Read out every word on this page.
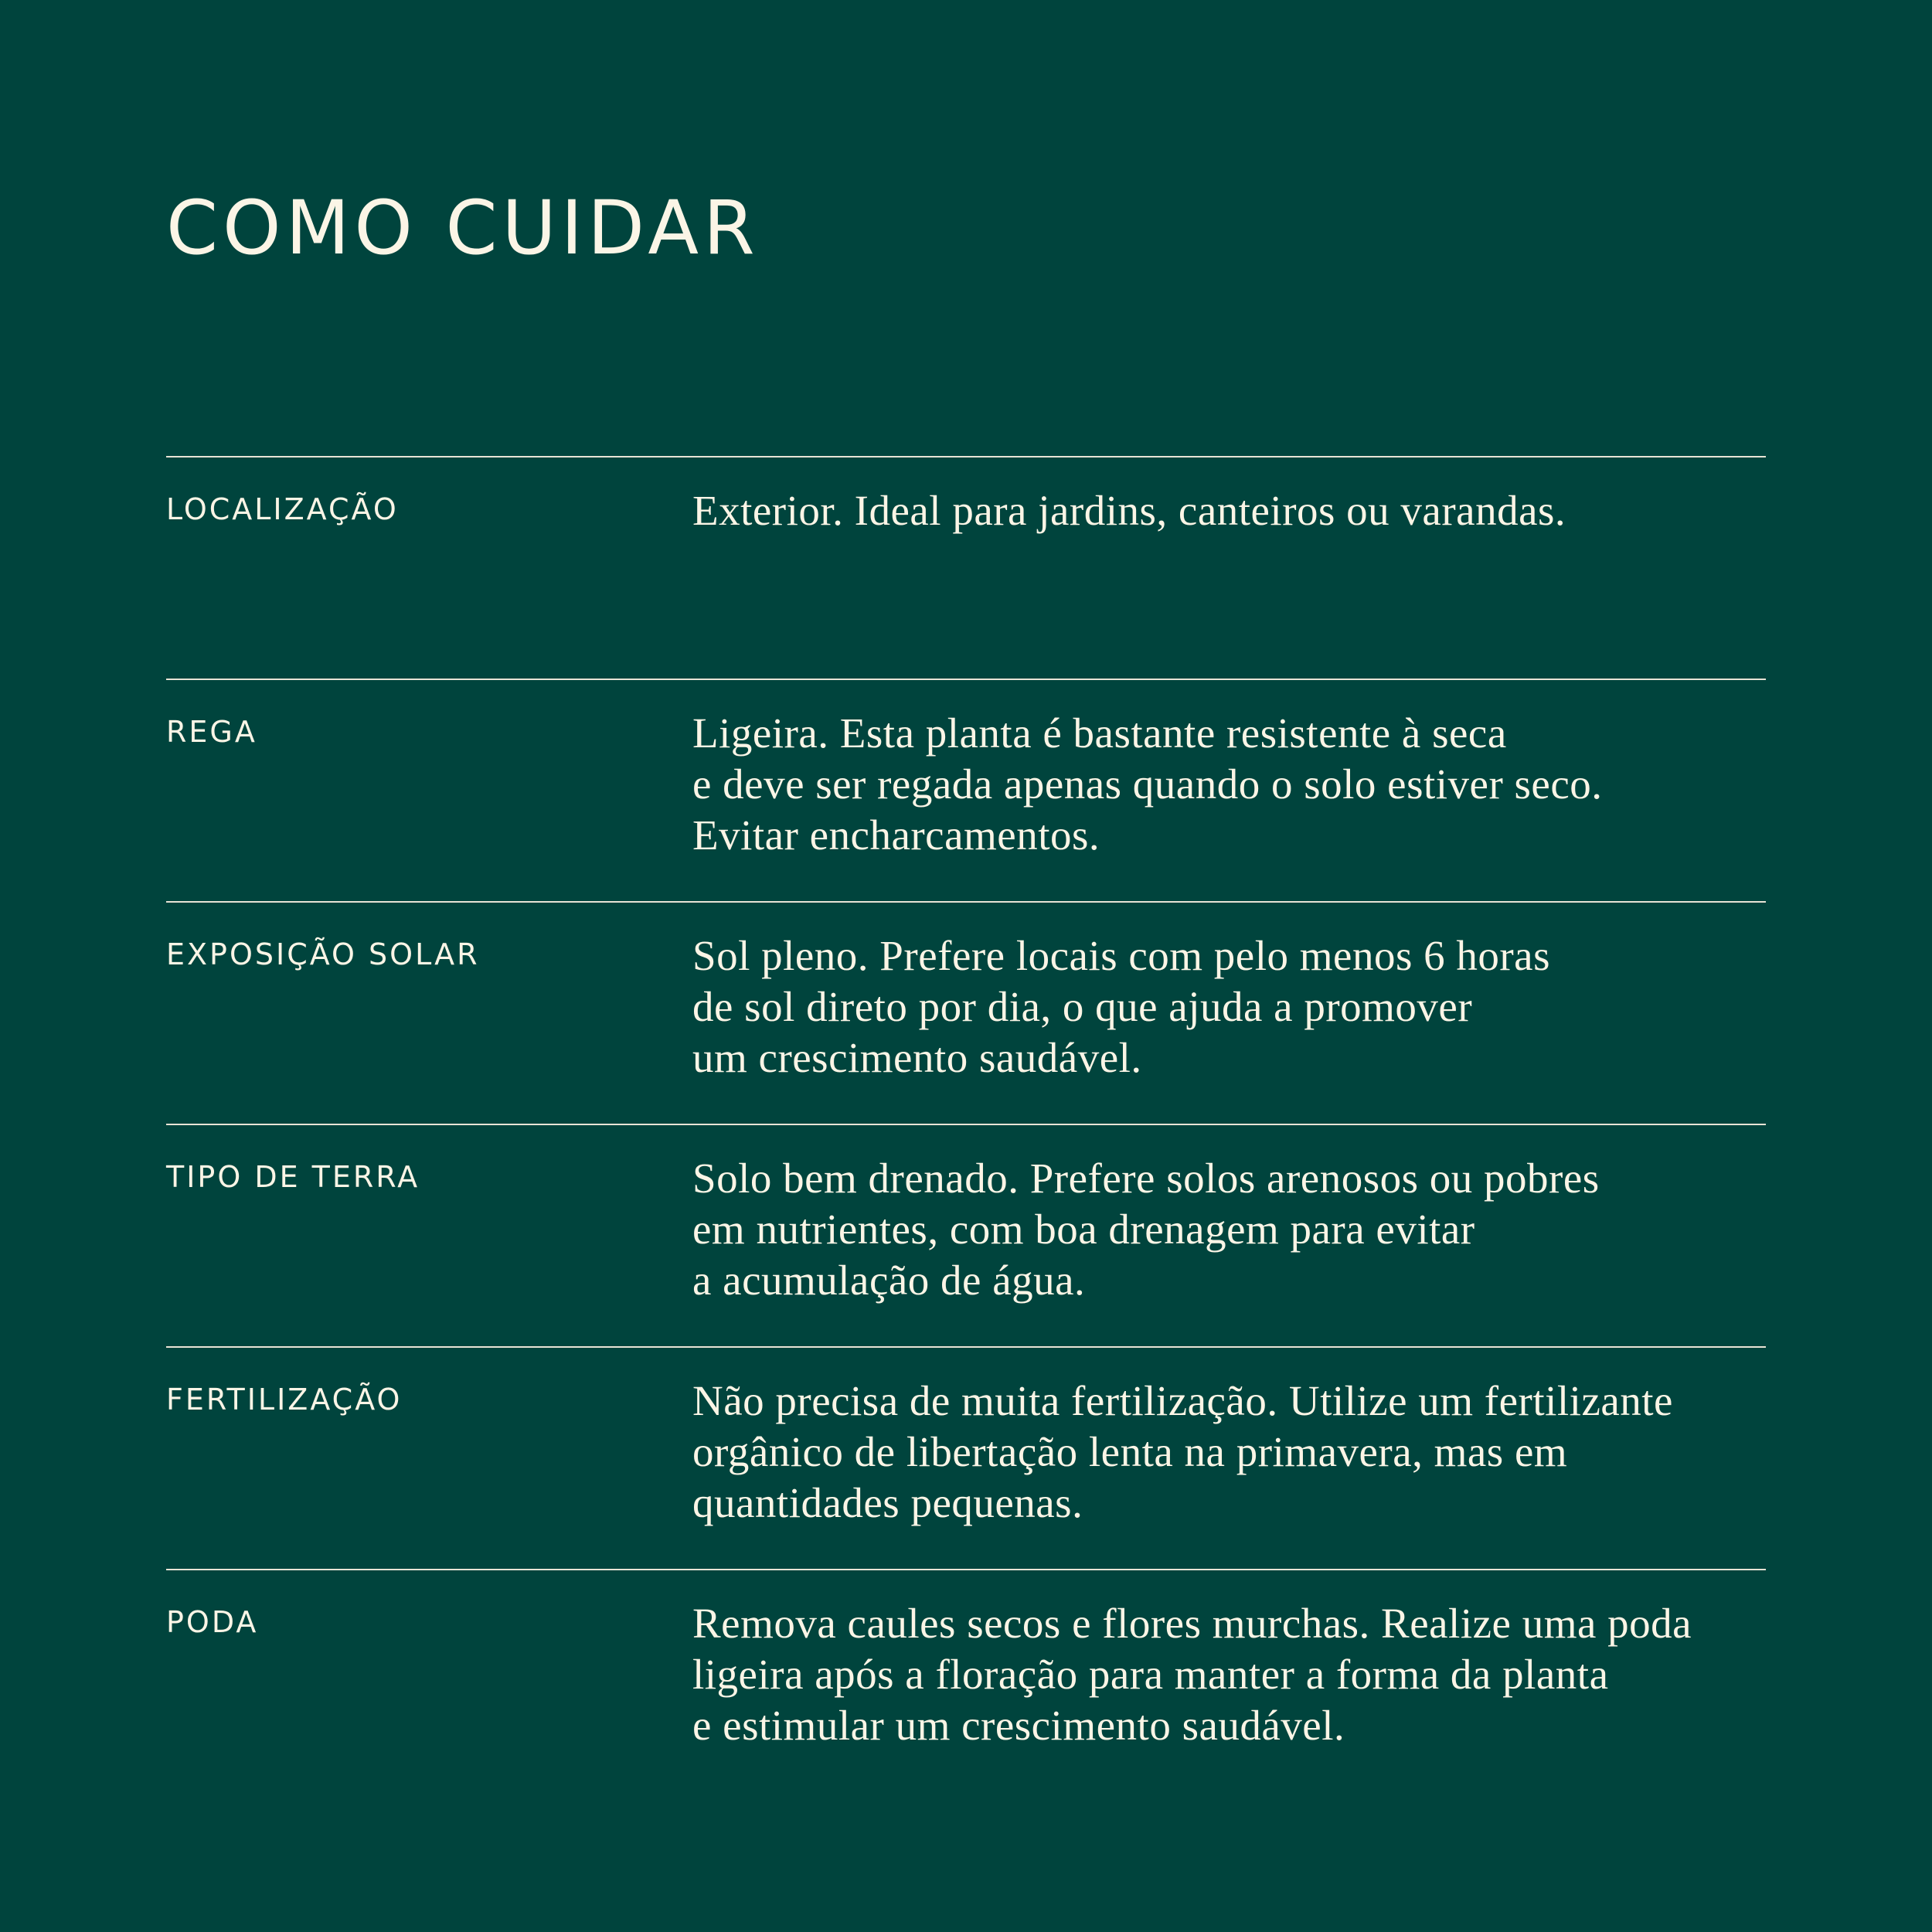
COMO CUIDAR
LOCALIZAÇÃO	Exterior. Ideal para jardins, canteiros ou varandas.
REGA	Ligeira. Esta planta é bastante resistente à seca
e deve ser regada apenas quando o solo estiver seco.
Evitar encharcamentos.
EXPOSIÇÃO SOLAR	Sol pleno. Prefere locais com pelo menos 6 horas
de sol direto por dia, o que ajuda a promover
um crescimento saudável.
TIPO DE TERRA	Solo bem drenado. Prefere solos arenosos ou pobres
em nutrientes, com boa drenagem para evitar
a acumulação de água.
FERTILIZAÇÃO	Não precisa de muita fertilização. Utilize um fertilizante
orgânico de libertação lenta na primavera, mas em
quantidades pequenas.
PODA	Remova caules secos e flores murchas. Realize uma poda
ligeira após a floração para manter a forma da planta
e estimular um crescimento saudável.
